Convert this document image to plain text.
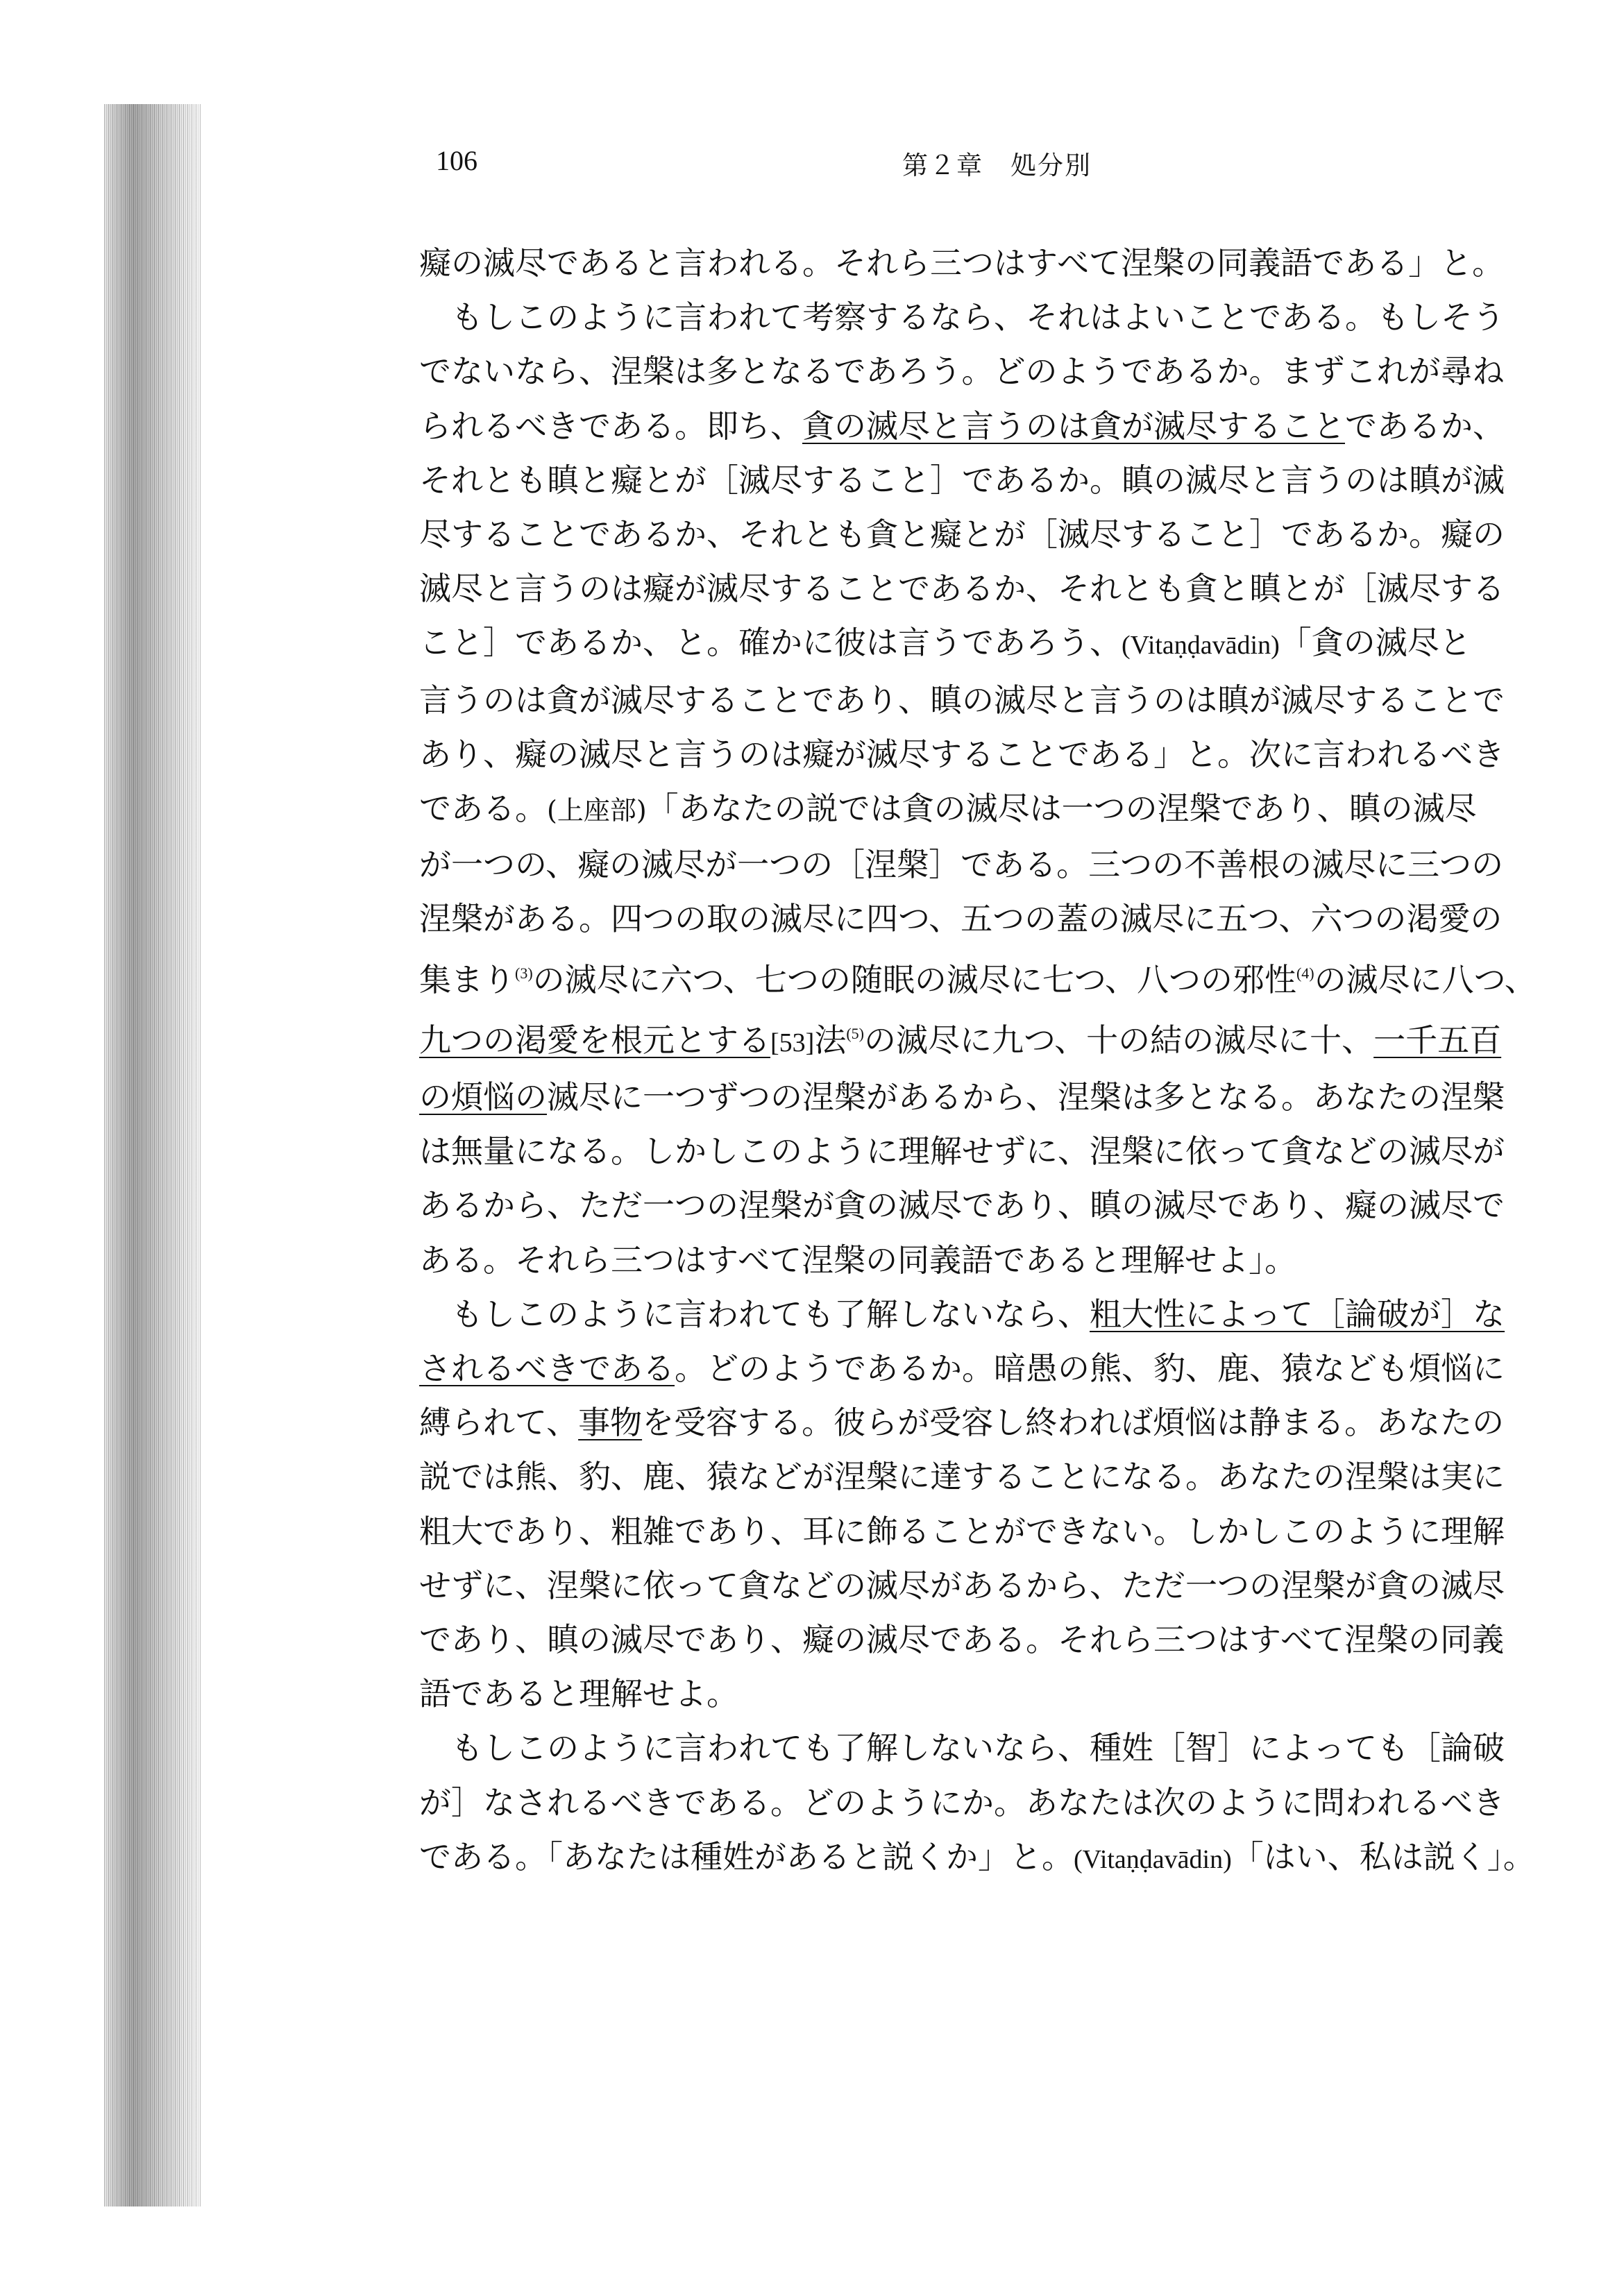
106	第２章　処分別
癡の滅尽であると言われる。それら三つはすべて涅槃の同義語である」と。
もしこのように言われて考察するなら、それはよいことである。もしそう
でないなら、涅槃は多となるであろう。どのようであるか。まずこれが尋ね
られるべきである。即ち、貪の滅尽と言うのは貪が滅尽することであるか、
それとも瞋と癡とが［滅尽すること］であるか。瞋の滅尽と言うのは瞋が滅
尽することであるか、それとも貪と癡とが［滅尽すること］であるか。癡の
滅尽と言うのは癡が滅尽することであるか、それとも貪と瞋とが［滅尽する
こと］であるか、と。確かに彼は言うであろう、(Vitaṇḍavādin)「貪の滅尽と
言うのは貪が滅尽することであり、瞋の滅尽と言うのは瞋が滅尽することで
あり、癡の滅尽と言うのは癡が滅尽することである」と。次に言われるべき
である。(上座部)「あなたの説では貪の滅尽は一つの涅槃であり、瞋の滅尽
が一つの、癡の滅尽が一つの［涅槃］である。三つの不善根の滅尽に三つの
涅槃がある。四つの取の滅尽に四つ、五つの蓋の滅尽に五つ、六つの渇愛の
集まり$^{(3)}$の滅尽に六つ、七つの随眠の滅尽に七つ、八つの邪性$^{(4)}$の滅尽に八つ、
九つの渇愛を根元とする[53]法$^{(5)}$の滅尽に九つ、十の結の滅尽に十、一千五百
の煩悩の滅尽に一つずつの涅槃があるから、涅槃は多となる。あなたの涅槃
は無量になる。しかしこのように理解せずに、涅槃に依って貪などの滅尽が
あるから、ただ一つの涅槃が貪の滅尽であり、瞋の滅尽であり、癡の滅尽で
ある。それら三つはすべて涅槃の同義語であると理解せよ」。
もしこのように言われても了解しないなら、粗大性によって［論破が］な
されるべきである。どのようであるか。暗愚の熊、豹、鹿、猿なども煩悩に
縛られて、事物を受容する。彼らが受容し終われば煩悩は静まる。あなたの
説では熊、豹、鹿、猿などが涅槃に達することになる。あなたの涅槃は実に
粗大であり、粗雑であり、耳に飾ることができない。しかしこのように理解
せずに、涅槃に依って貪などの滅尽があるから、ただ一つの涅槃が貪の滅尽
であり、瞋の滅尽であり、癡の滅尽である。それら三つはすべて涅槃の同義
語であると理解せよ。
もしこのように言われても了解しないなら、種姓［智］によっても［論破
が］なされるべきである。どのようにか。あなたは次のように問われるべき
である。「あなたは種姓があると説くか」と。(Vitaṇḍavādin)「はい、私は説く」。
